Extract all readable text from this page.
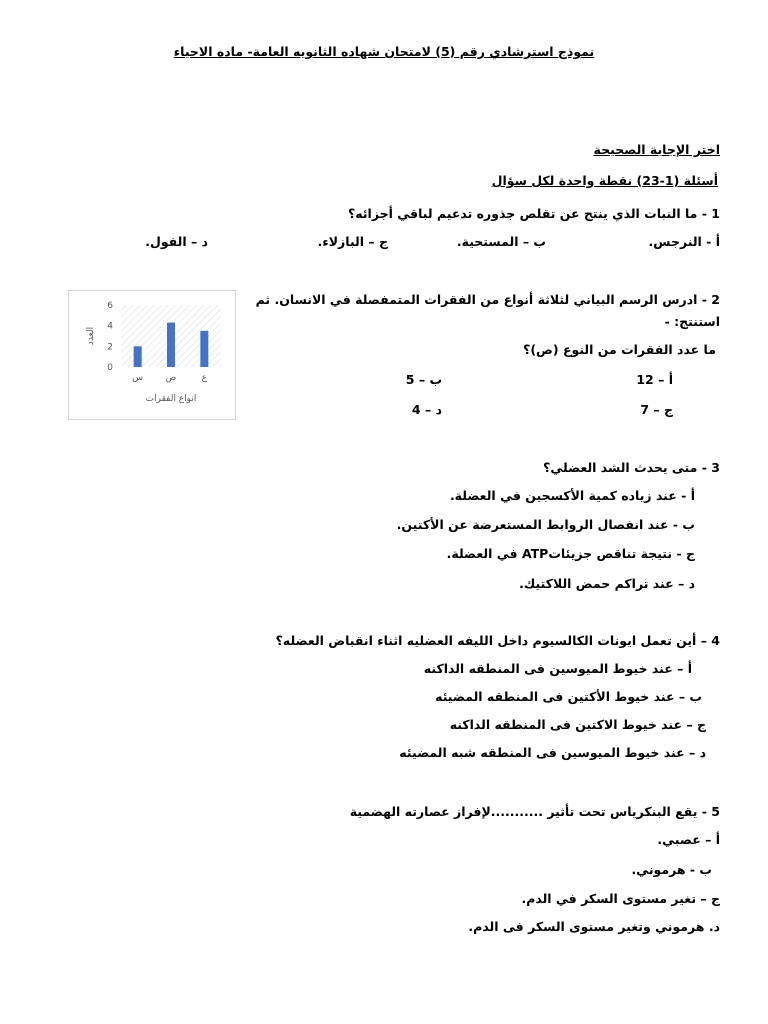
نموذج استرشادي رقم (5) لامتحان شهاده الثانويه العامة- ماده الاحياء
اختر الإجابة الصحيحة
أسئلة (1-23) نقطة واحدة لكل سؤال
1 - ما النبات الذي ينتج عن تقلص جذوره تدعيم لباقي أجزائه؟
أ - النرجس.
ب – المستحية.
ج – البازلاء.
د – الفول.
2 - ادرس الرسم البياني لثلاثة أنواع من الفقرات المتمفصلة في الانسان. ثم
استنتج: -
ما عدد الفقرات من النوع (ص)؟
أ – 12
ب – 5
ج – 7
د – 4
0
2
4
6
س ص	ع
العدد
انواع الفقرات
3 - متى يحدث الشد العضلي؟
أ - عند زياده كمية الأكسجين في العضلة.
ب - عند انفصال الروابط المستعرضة عن الأكتين.
ج - نتيجة تناقص جزيئاتATP في العضلة.
د – عند تراكم حمض اللاكتيك.
4 – أين تعمل ايونات الكالسيوم داخل الليفه العضليه اثناء انقباض العضله؟
أ – عند خيوط الميوسين فى المنطقه الداكنه
ب – عند خيوط الأكتين فى المنطقه المضيئه
ج – عند خيوط الاكتين فى المنطقه الداكنه
د – عند خيوط الميوسين فى المنطقه شبه المضيئه
5 - يقع البنكرياس تحت تأثير ...........لإفراز عصارته الهضمية
أ – عصبي.
ب - هرموني.
ج – تغير مستوى السكر في الدم.
د. هرموني وتغير مستوى السكر فى الدم.
